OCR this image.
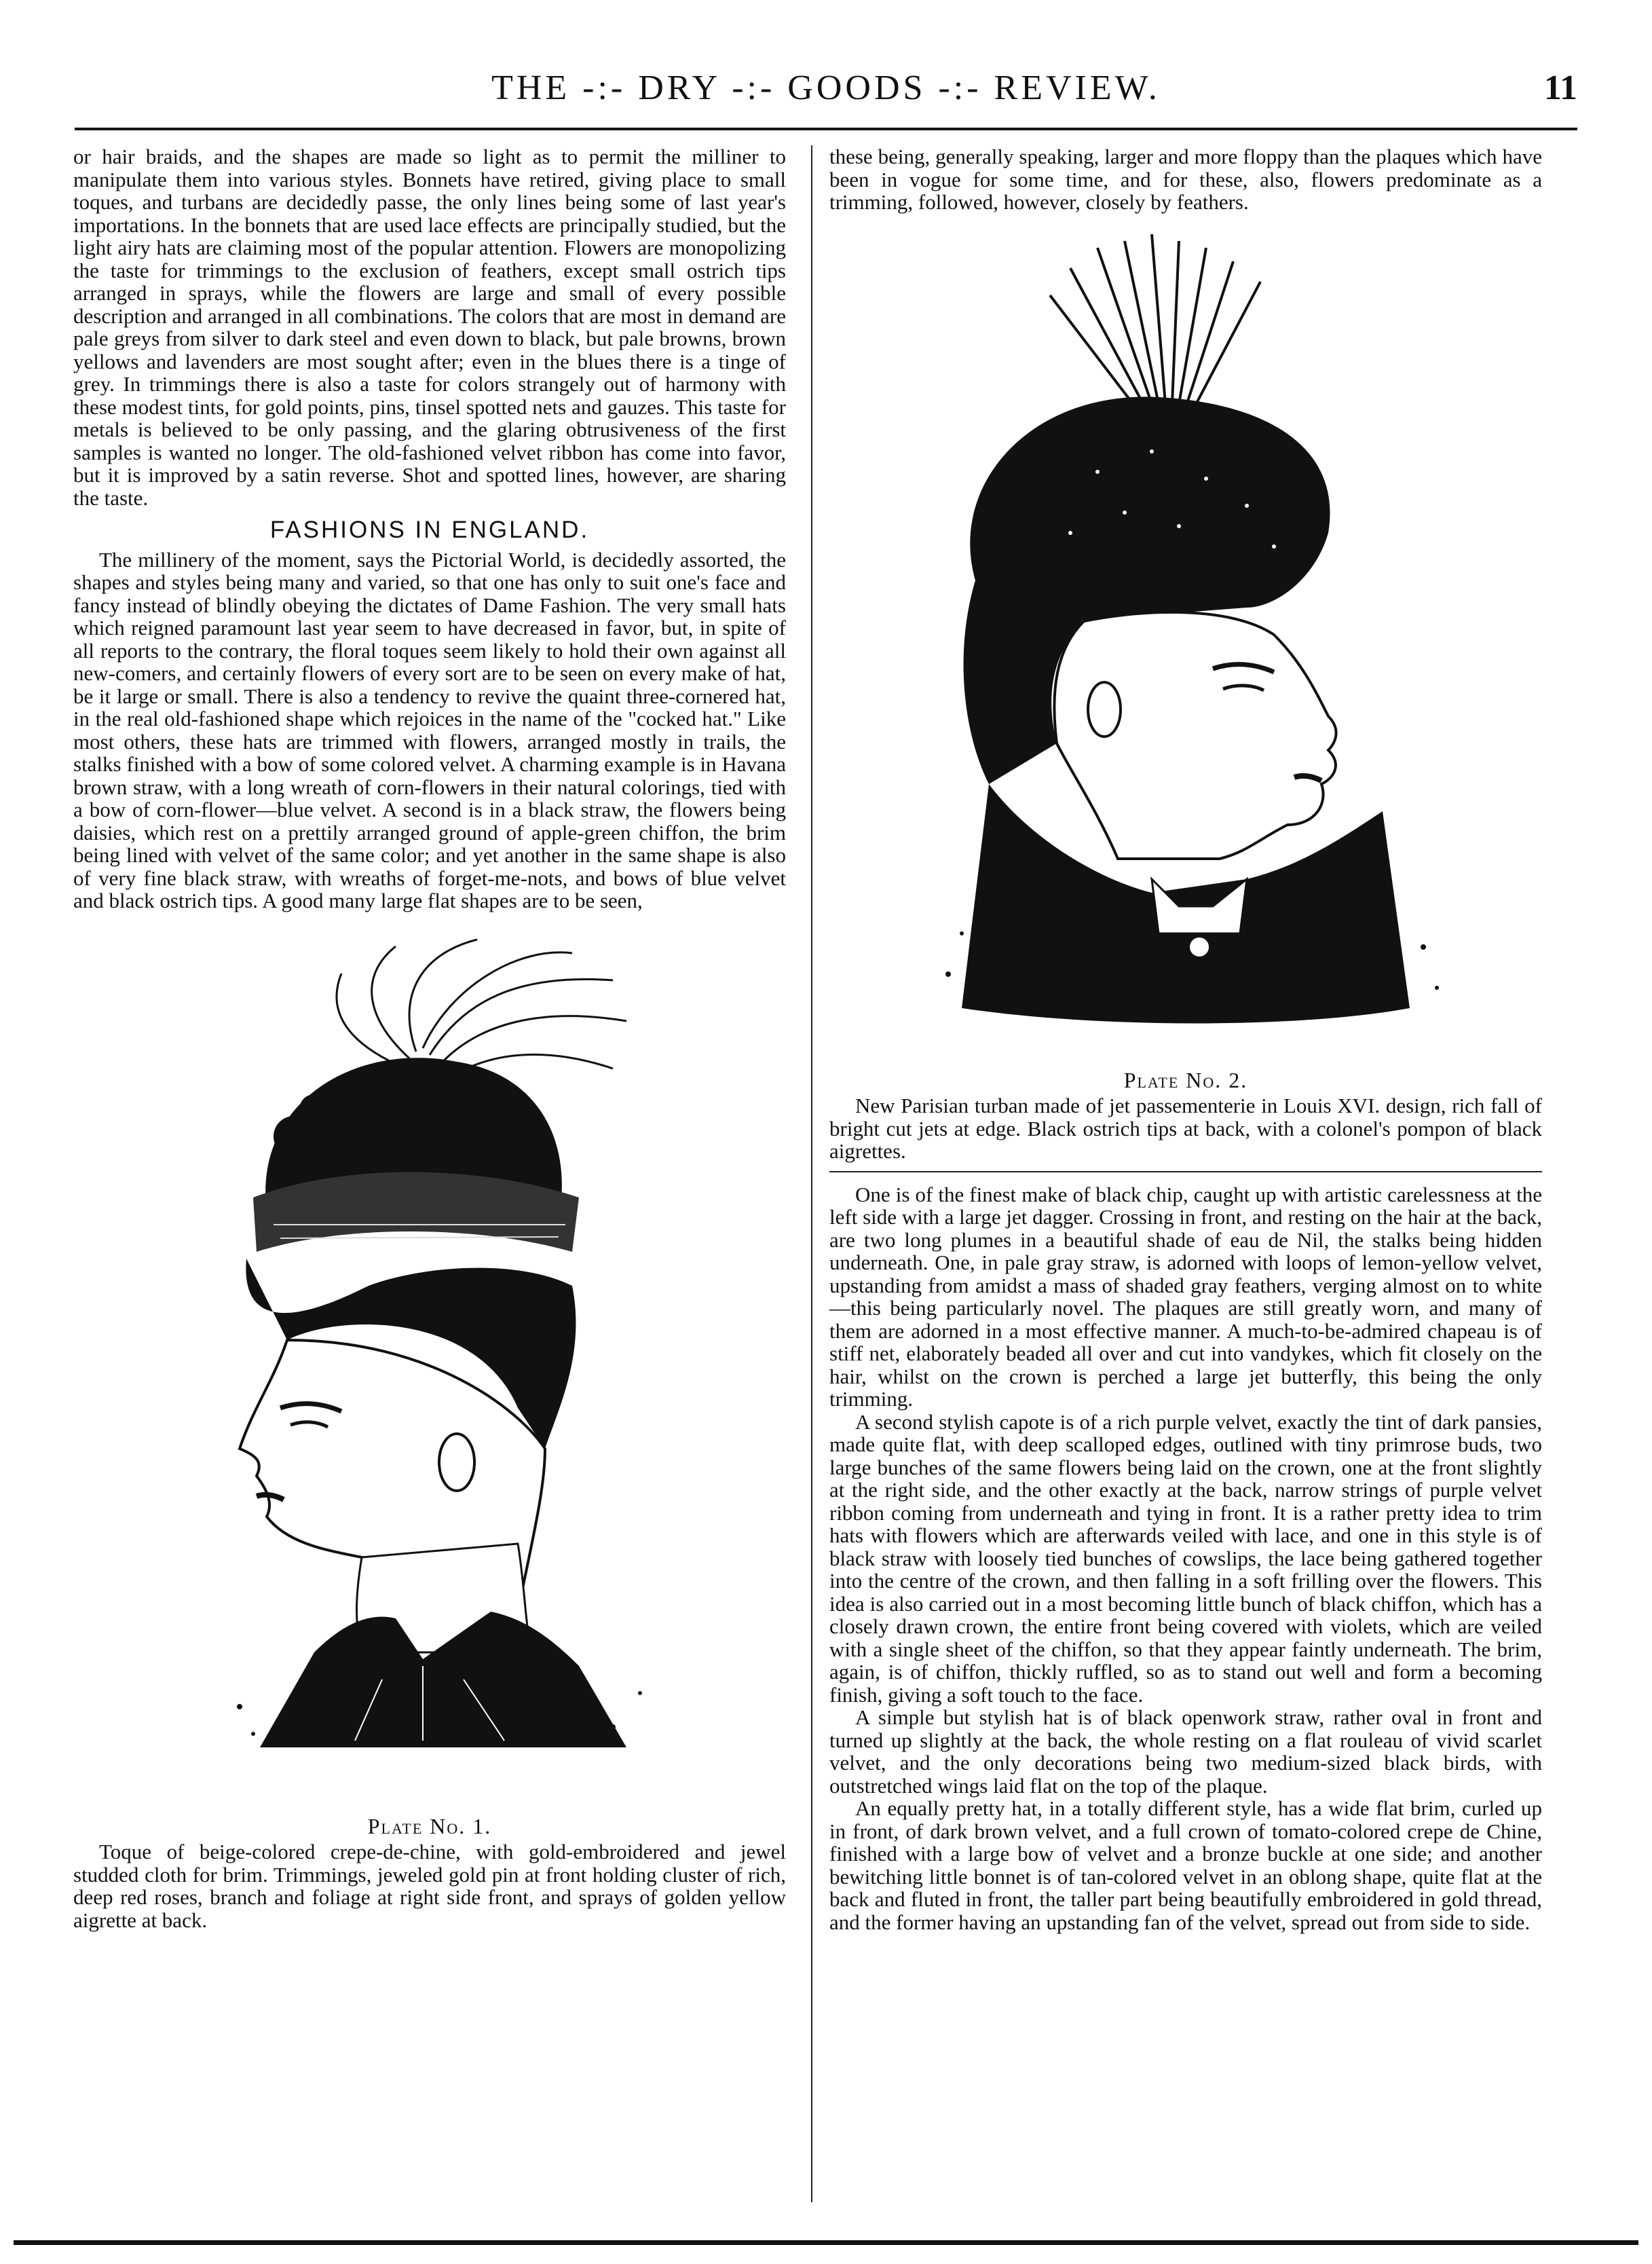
THE -:- DRY -:- GOODS -:- REVIEW.	11

or hair braids, and the shapes are made so light as to permit the milliner to manipulate them into various styles. Bonnets have retired, giving place to small toques, and turbans are decidedly passe, the only lines being some of last year's importations. In the bonnets that are used lace effects are principally studied, but the light airy hats are claiming most of the popular attention. Flowers are monopolizing the taste for trimmings to the exclusion of feathers, except small ostrich tips arranged in sprays, while the flowers are large and small of every possible description and arranged in all combinations. The colors that are most in demand are pale greys from silver to dark steel and even down to black, but pale browns, brown yellows and lavenders are most sought after; even in the blues there is a tinge of grey. In trimmings there is also a taste for colors strangely out of harmony with these modest tints, for gold points, pins, tinsel spotted nets and gauzes. This taste for metals is believed to be only passing, and the glaring obtrusiveness of the first samples is wanted no longer. The old-fashioned velvet ribbon has come into favor, but it is improved by a satin reverse. Shot and spotted lines, however, are sharing the taste.

FASHIONS IN ENGLAND.

The millinery of the moment, says the Pictorial World, is decidedly assorted, the shapes and styles being many and varied, so that one has only to suit one's face and fancy instead of blindly obeying the dictates of Dame Fashion. The very small hats which reigned paramount last year seem to have decreased in favor, but, in spite of all reports to the contrary, the floral toques seem likely to hold their own against all new-comers, and certainly flowers of every sort are to be seen on every make of hat, be it large or small. There is also a tendency to revive the quaint three-cornered hat, in the real old-fashioned shape which rejoices in the name of the "cocked hat." Like most others, these hats are trimmed with flowers, arranged mostly in trails, the stalks finished with a bow of some colored velvet. A charming example is in Havana brown straw, with a long wreath of corn-flowers in their natural colorings, tied with a bow of corn-flower—blue velvet. A second is in a black straw, the flowers being daisies, which rest on a prettily arranged ground of apple-green chiffon, the brim being lined with velvet of the same color; and yet another in the same shape is also of very fine black straw, with wreaths of forget-me-nots, and bows of blue velvet and black ostrich tips. A good many large flat shapes are to be seen,

Plate No. 1.

Toque of beige-colored crepe-de-chine, with gold-embroidered and jewel studded cloth for brim. Trimmings, jeweled gold pin at front holding cluster of rich, deep red roses, branch and foliage at right side front, and sprays of golden yellow aigrette at back.

these being, generally speaking, larger and more floppy than the plaques which have been in vogue for some time, and for these, also, flowers predominate as a trimming, followed, however, closely by feathers.

Plate No. 2.

New Parisian turban made of jet passementerie in Louis XVI. design, rich fall of bright cut jets at edge. Black ostrich tips at back, with a colonel's pompon of black aigrettes.

One is of the finest make of black chip, caught up with artistic carelessness at the left side with a large jet dagger. Crossing in front, and resting on the hair at the back, are two long plumes in a beautiful shade of eau de Nil, the stalks being hidden underneath. One, in pale gray straw, is adorned with loops of lemon-yellow velvet, upstanding from amidst a mass of shaded gray feathers, verging almost on to white—this being particularly novel. The plaques are still greatly worn, and many of them are adorned in a most effective manner. A much-to-be-admired chapeau is of stiff net, elaborately beaded all over and cut into vandykes, which fit closely on the hair, whilst on the crown is perched a large jet butterfly, this being the only trimming.

A second stylish capote is of a rich purple velvet, exactly the tint of dark pansies, made quite flat, with deep scalloped edges, outlined with tiny primrose buds, two large bunches of the same flowers being laid on the crown, one at the front slightly at the right side, and the other exactly at the back, narrow strings of purple velvet ribbon coming from underneath and tying in front. It is a rather pretty idea to trim hats with flowers which are afterwards veiled with lace, and one in this style is of black straw with loosely tied bunches of cowslips, the lace being gathered together into the centre of the crown, and then falling in a soft frilling over the flowers. This idea is also carried out in a most becoming little bunch of black chiffon, which has a closely drawn crown, the entire front being covered with violets, which are veiled with a single sheet of the chiffon, so that they appear faintly underneath. The brim, again, is of chiffon, thickly ruffled, so as to stand out well and form a becoming finish, giving a soft touch to the face.

A simple but stylish hat is of black openwork straw, rather oval in front and turned up slightly at the back, the whole resting on a flat rouleau of vivid scarlet velvet, and the only decorations being two medium-sized black birds, with outstretched wings laid flat on the top of the plaque.

An equally pretty hat, in a totally different style, has a wide flat brim, curled up in front, of dark brown velvet, and a full crown of tomato-colored crepe de Chine, finished with a large bow of velvet and a bronze buckle at one side; and another bewitching little bonnet is of tan-colored velvet in an oblong shape, quite flat at the back and fluted in front, the taller part being beautifully embroidered in gold thread, and the former having an upstanding fan of the velvet, spread out from side to side.
